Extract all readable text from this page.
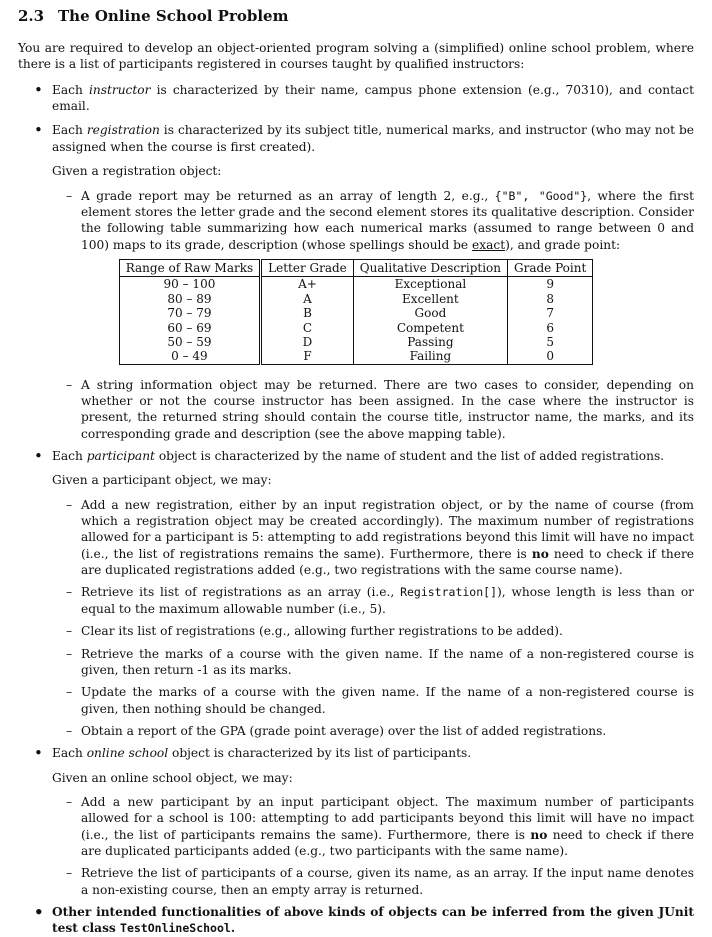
2.3 The Online School Problem

You are required to develop an object-oriented program solving a (simplified) online school problem, where there is a list of participants registered in courses taught by qualified instructors:

• Each instructor is characterized by their name, campus phone extension (e.g., 70310), and contact email.
• Each registration is characterized by its subject title, numerical marks, and instructor (who may not be assigned when the course is first created).
Given a registration object:
– A grade report may be returned as an array of length 2, e.g., {"B", "Good"}, where the first element stores the letter grade and the second element stores its qualitative description. Consider the following table summarizing how each numerical marks (assumed to range between 0 and 100) maps to its grade, description (whose spellings should be exact), and grade point:
Range of Raw Marks	Letter Grade	Qualitative Description	Grade Point
90 – 100	A+	Exceptional	9
80 – 89	A	Excellent	8
70 – 79	B	Good	7
60 – 69	C	Competent	6
50 – 59	D	Passing	5
0 – 49	F	Failing	0
– A string information object may be returned. There are two cases to consider, depending on whether or not the course instructor has been assigned. In the case where the instructor is present, the returned string should contain the course title, instructor name, the marks, and its corresponding grade and description (see the above mapping table).
• Each participant object is characterized by the name of student and the list of added registrations.
Given a participant object, we may:
– Add a new registration, either by an input registration object, or by the name of course (from which a registration object may be created accordingly). The maximum number of registrations allowed for a participant is 5: attempting to add registrations beyond this limit will have no impact (i.e., the list of registrations remains the same). Furthermore, there is no need to check if there are duplicated registrations added (e.g., two registrations with the same course name).
– Retrieve its list of registrations as an array (i.e., Registration[]), whose length is less than or equal to the maximum allowable number (i.e., 5).
– Clear its list of registrations (e.g., allowing further registrations to be added).
– Retrieve the marks of a course with the given name. If the name of a non-registered course is given, then return -1 as its marks.
– Update the marks of a course with the given name. If the name of a non-registered course is given, then nothing should be changed.
– Obtain a report of the GPA (grade point average) over the list of added registrations.
• Each online school object is characterized by its list of participants.
Given an online school object, we may:
– Add a new participant by an input participant object. The maximum number of participants allowed for a school is 100: attempting to add participants beyond this limit will have no impact (i.e., the list of participants remains the same). Furthermore, there is no need to check if there are duplicated participants added (e.g., two participants with the same name).
– Retrieve the list of participants of a course, given its name, as an array. If the input name denotes a non-existing course, then an empty array is returned.
• Other intended functionalities of above kinds of objects can be inferred from the given JUnit test class TestOnlineSchool.
